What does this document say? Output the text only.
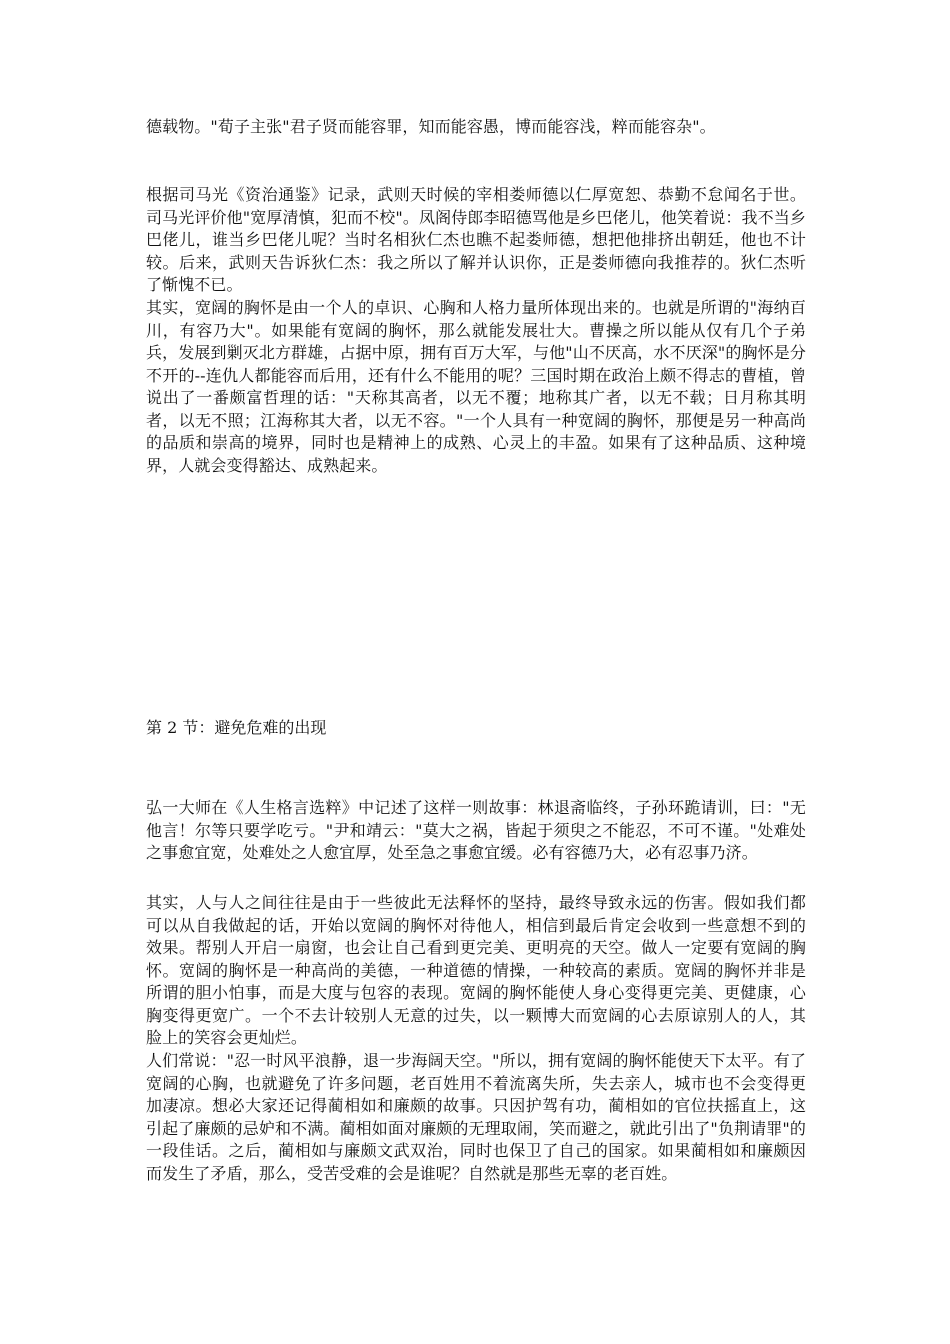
德载物。"荀子主张"君子贤而能容罪，知而能容愚，博而能容浅，粹而能容杂"。

根据司马光《资治通鉴》记录，武则天时候的宰相娄师德以仁厚宽恕、恭勤不怠闻名于世。司马光评价他"宽厚清慎，犯而不校"。凤阁侍郎李昭德骂他是乡巴佬儿，他笑着说：我不当乡巴佬儿，谁当乡巴佬儿呢？当时名相狄仁杰也瞧不起娄师德，想把他排挤出朝廷，他也不计较。后来，武则天告诉狄仁杰：我之所以了解并认识你，正是娄师德向我推荐的。狄仁杰听了惭愧不已。

其实，宽阔的胸怀是由一个人的卓识、心胸和人格力量所体现出来的。也就是所谓的"海纳百川，有容乃大"。如果能有宽阔的胸怀，那么就能发展壮大。曹操之所以能从仅有几个子弟兵，发展到剿灭北方群雄，占据中原，拥有百万大军，与他"山不厌高，水不厌深"的胸怀是分不开的--连仇人都能容而后用，还有什么不能用的呢？三国时期在政治上颇不得志的曹植，曾说出了一番颇富哲理的话："天称其高者，以无不覆；地称其广者，以无不载；日月称其明者，以无不照；江海称其大者，以无不容。"一个人具有一种宽阔的胸怀，那便是另一种高尚的品质和崇高的境界，同时也是精神上的成熟、心灵上的丰盈。如果有了这种品质、这种境界，人就会变得豁达、成熟起来。

第 2 节：避免危难的出现

弘一大师在《人生格言选粹》中记述了这样一则故事：林退斋临终，子孙环跪请训，曰："无他言！尔等只要学吃亏。"尹和靖云："莫大之祸，皆起于须臾之不能忍，不可不谨。"处难处之事愈宜宽，处难处之人愈宜厚，处至急之事愈宜缓。必有容德乃大，必有忍事乃济。

其实，人与人之间往往是由于一些彼此无法释怀的坚持，最终导致永远的伤害。假如我们都可以从自我做起的话，开始以宽阔的胸怀对待他人，相信到最后肯定会收到一些意想不到的效果。帮别人开启一扇窗，也会让自己看到更完美、更明亮的天空。做人一定要有宽阔的胸怀。宽阔的胸怀是一种高尚的美德，一种道德的情操，一种较高的素质。宽阔的胸怀并非是所谓的胆小怕事，而是大度与包容的表现。宽阔的胸怀能使人身心变得更完美、更健康，心胸变得更宽广。一个不去计较别人无意的过失，以一颗博大而宽阔的心去原谅别人的人，其脸上的笑容会更灿烂。

人们常说："忍一时风平浪静，退一步海阔天空。"所以，拥有宽阔的胸怀能使天下太平。有了宽阔的心胸，也就避免了许多问题，老百姓用不着流离失所，失去亲人，城市也不会变得更加凄凉。想必大家还记得蔺相如和廉颇的故事。只因护驾有功，蔺相如的官位扶摇直上，这引起了廉颇的忌妒和不满。蔺相如面对廉颇的无理取闹，笑而避之，就此引出了"负荆请罪"的一段佳话。之后，蔺相如与廉颇文武双治，同时也保卫了自己的国家。如果蔺相如和廉颇因而发生了矛盾，那么，受苦受难的会是谁呢？自然就是那些无辜的老百姓。
